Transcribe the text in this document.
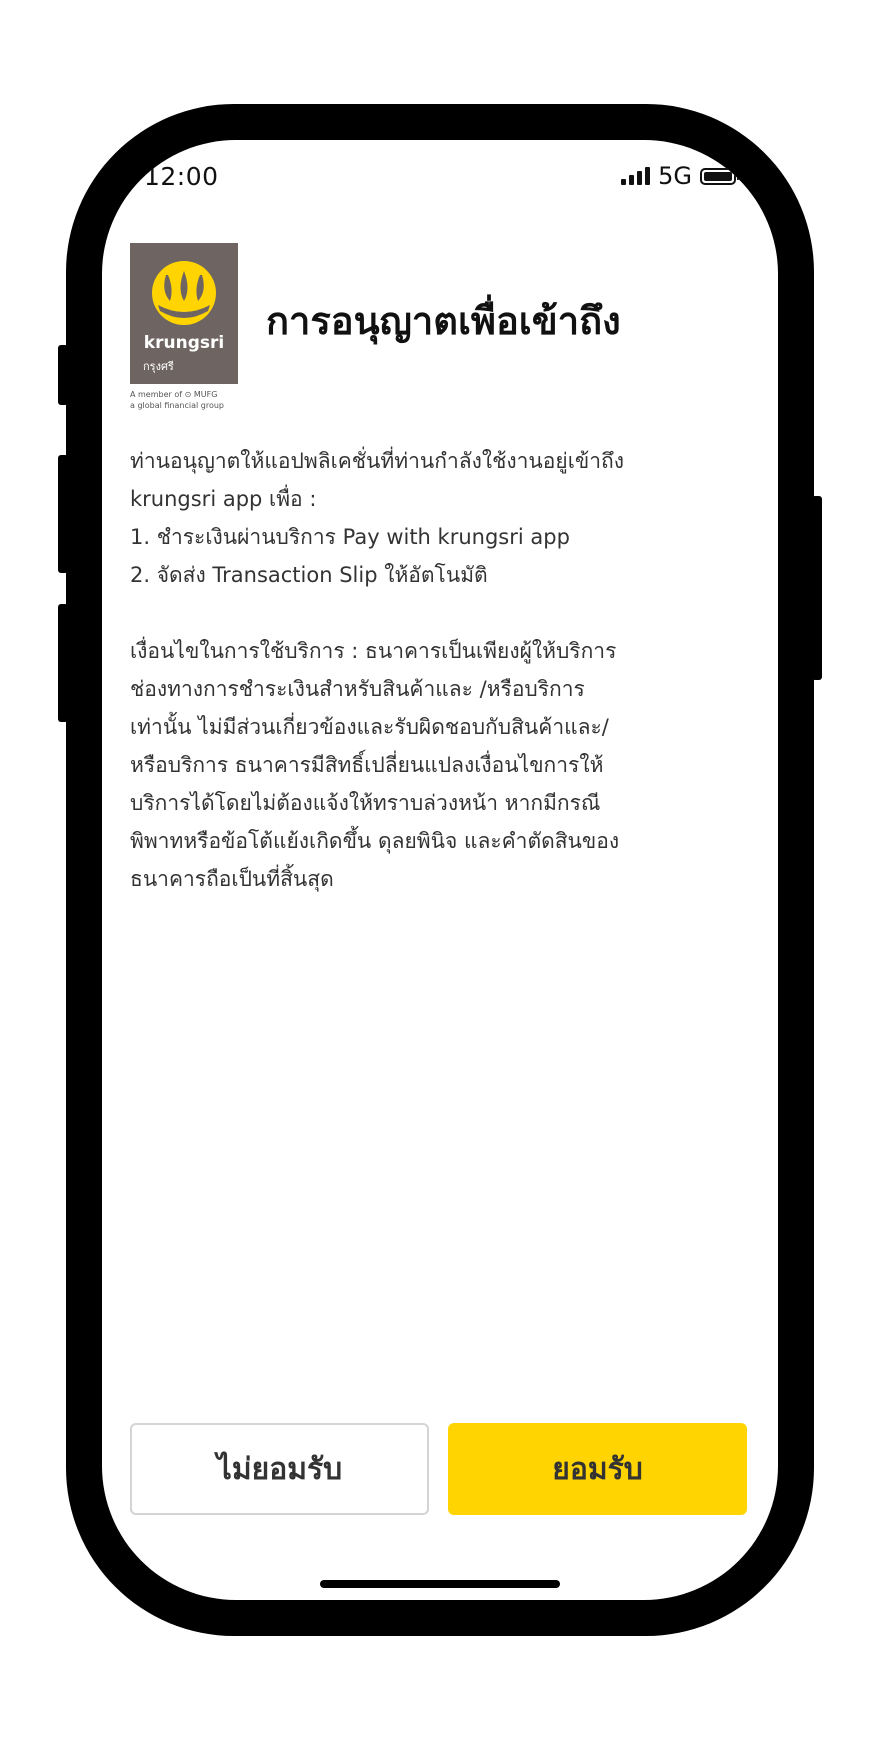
12:00	5G
krungsri
กรุงศรี
A member of ⊙ MUFG
a global financial group
การอนุญาตเพื่อเข้าถึง

ท่านอนุญาตให้แอปพลิเคชั่นที่ท่านกำลังใช้งานอยู่เข้าถึง

krungsri app เพื่อ :

1. ชำระเงินผ่านบริการ Pay with krungsri app

2. จัดส่ง Transaction Slip ให้อัตโนมัติ

เงื่อนไขในการใช้บริการ : ธนาคารเป็นเพียงผู้ให้บริการ

ช่องทางการชำระเงินสำหรับสินค้าและ /หรือบริการ

เท่านั้น ไม่มีส่วนเกี่ยวข้องและรับผิดชอบกับสินค้าและ/

หรือบริการ ธนาคารมีสิทธิ์เปลี่ยนแปลงเงื่อนไขการให้

บริการได้โดยไม่ต้องแจ้งให้ทราบล่วงหน้า หากมีกรณี

พิพาทหรือข้อโต้แย้งเกิดขึ้น ดุลยพินิจ และคำตัดสินของ

ธนาคารถือเป็นที่สิ้นสุด

ไม่ยอมรับ	ยอมรับ
